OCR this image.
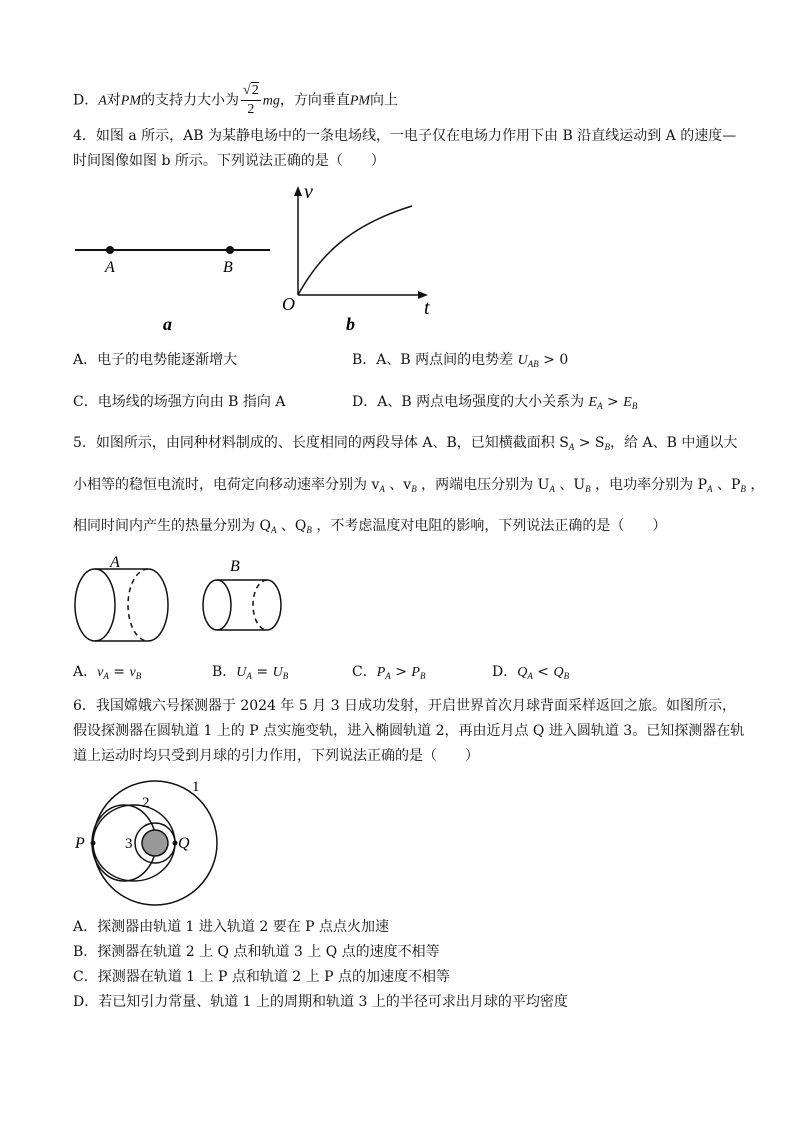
D．A对PM的支持力大小为 $\frac{√2}{2}$ mg，方向垂直PM向上
4．如图 a 所示，AB 为某静电场中的一条电场线，一电子仅在电场力作用下由 B 沿直线运动到 A 的速度—
时间图像如图 b 所示。下列说法正确的是（　　）
A	B
a
v
t
O
b
A．电子的电势能逐渐增大	B．A、B 两点间的电势差 $U_{AB} > 0$
C．电场线的场强方向由 B 指向 A	D．A、B 两点电场强度的大小关系为 $E_A > E_B$
5．如图所示，由同种材料制成的、长度相同的两段导体 A、B，已知横截面积 $S_A > S_B$，给 A、B 中通以大
小相等的稳恒电流时，电荷定向移动速率分别为 $v_A$ 、$v_B$ ，两端电压分别为 $U_A$ 、$U_B$ ，电功率分别为 $P_A$ 、$P_B$ ，
相同时间内产生的热量分别为 $Q_A$ 、$Q_B$ ，不考虑温度对电阻的影响，下列说法正确的是（　　）
A	B
A．$v_A = v_B$	B．$U_A = U_B$	C．$P_A > P_B$	D．$Q_A < Q_B$
6．我国嫦娥六号探测器于 2024 年 5 月 3 日成功发射，开启世界首次月球背面采样返回之旅。如图所示，
假设探测器在圆轨道 1 上的 P 点实施变轨，进入椭圆轨道 2，再由近月点 Q 进入圆轨道 3。已知探测器在轨
道上运动时均只受到月球的引力作用，下列说法正确的是（　　）
1
2
3
P	Q
A．探测器由轨道 1 进入轨道 2 要在 P 点点火加速
B．探测器在轨道 2 上 Q 点和轨道 3 上 Q 点的速度不相等
C．探测器在轨道 1 上 P 点和轨道 2 上 P 点的加速度不相等
D．若已知引力常量、轨道 1 上的周期和轨道 3 上的半径可求出月球的平均密度
